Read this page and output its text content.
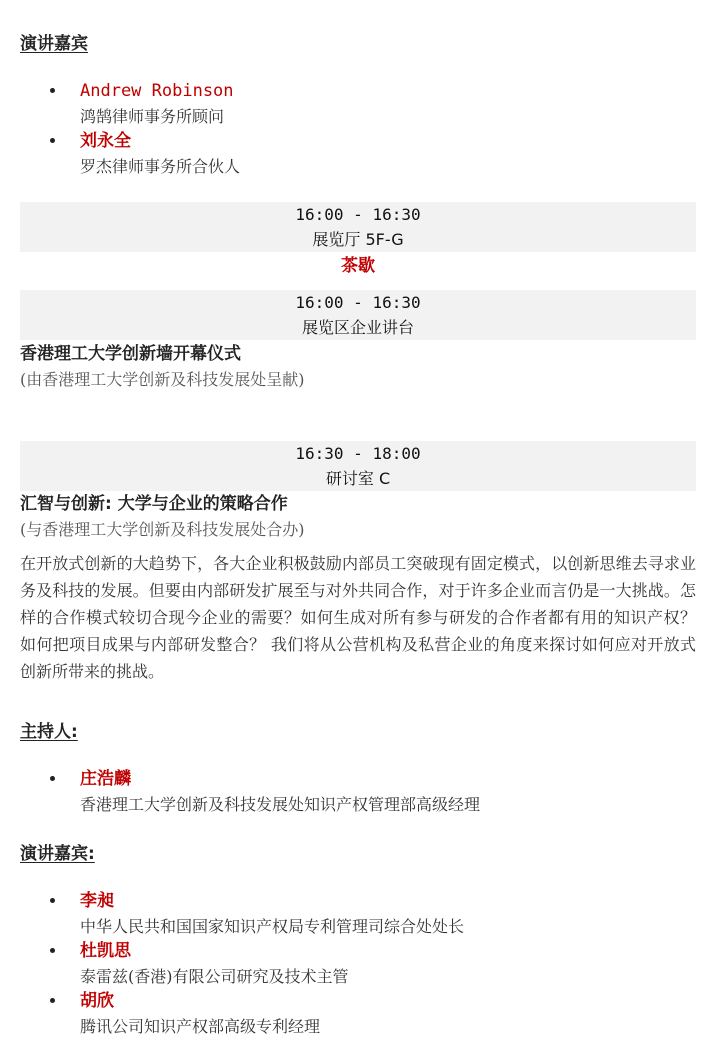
演讲嘉宾
Andrew Robinson
鸿鹄律师事务所顾问
刘永全
罗杰律师事务所合伙人
16:00 - 16:30
展览厅 5F-G
茶歇
16:00 - 16:30
展览区企业讲台
香港理工大学创新墙开幕仪式
(由香港理工大学创新及科技发展处呈献)
16:30 - 18:00
研讨室 C
汇智与创新: 大学与企业的策略合作
(与香港理工大学创新及科技发展处合办)

在开放式创新的大趋势下，各大企业积极鼓励内部员工突破现有固定模式，以创新思维去寻求业务及科技的发展。但要由内部研发扩展至与对外共同合作，对于许多企业而言仍是一大挑战。怎样的合作模式较切合现今企业的需要？如何生成对所有参与研发的合作者都有用的知识产权？ 如何把项目成果与内部研发整合？ 我们将从公营机构及私营企业的角度来探讨如何应对开放式创新所带来的挑战。

主持人:
庄浩麟
香港理工大学创新及科技发展处知识产权管理部高级经理
演讲嘉宾:
李昶
中华人民共和国国家知识产权局专利管理司综合处处长
杜凯思
泰雷兹(香港)有限公司研究及技术主管
胡欣
腾讯公司知识产权部高级专利经理
